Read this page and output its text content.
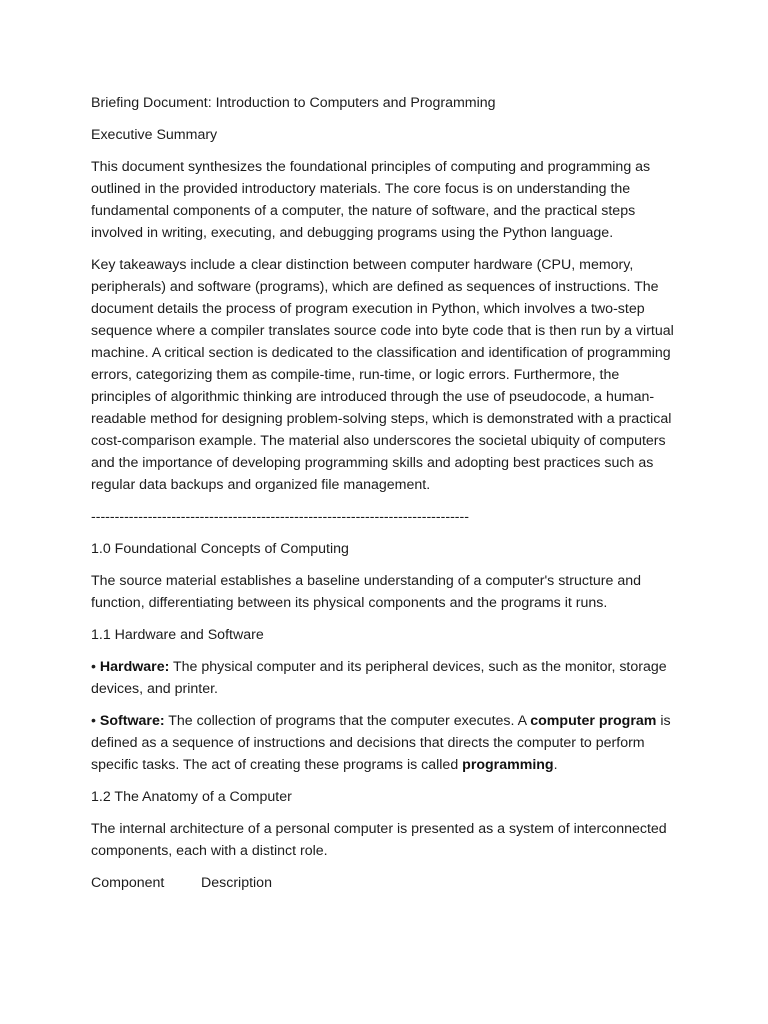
Briefing Document: Introduction to Computers and Programming

Executive Summary

This document synthesizes the foundational principles of computing and programming as outlined in the provided introductory materials. The core focus is on understanding the fundamental components of a computer, the nature of software, and the practical steps involved in writing, executing, and debugging programs using the Python language.

Key takeaways include a clear distinction between computer hardware (CPU, memory, peripherals) and software (programs), which are defined as sequences of instructions. The document details the process of program execution in Python, which involves a two-step sequence where a compiler translates source code into byte code that is then run by a virtual machine. A critical section is dedicated to the classification and identification of programming errors, categorizing them as compile-time, run-time, or logic errors. Furthermore, the principles of algorithmic thinking are introduced through the use of pseudocode, a human-readable method for designing problem-solving steps, which is demonstrated with a practical cost-comparison example. The material also underscores the societal ubiquity of computers and the importance of developing programming skills and adopting best practices such as regular data backups and organized file management.

--------------------------------------------------------------------------------

1.0 Foundational Concepts of Computing

The source material establishes a baseline understanding of a computer's structure and function, differentiating between its physical components and the programs it runs.

1.1 Hardware and Software

• Hardware: The physical computer and its peripheral devices, such as the monitor, storage devices, and printer.

• Software: The collection of programs that the computer executes. A computer program is defined as a sequence of instructions and decisions that directs the computer to perform specific tasks. The act of creating these programs is called programming.

1.2 The Anatomy of a Computer

The internal architecture of a personal computer is presented as a system of interconnected components, each with a distinct role.

Component	Description
